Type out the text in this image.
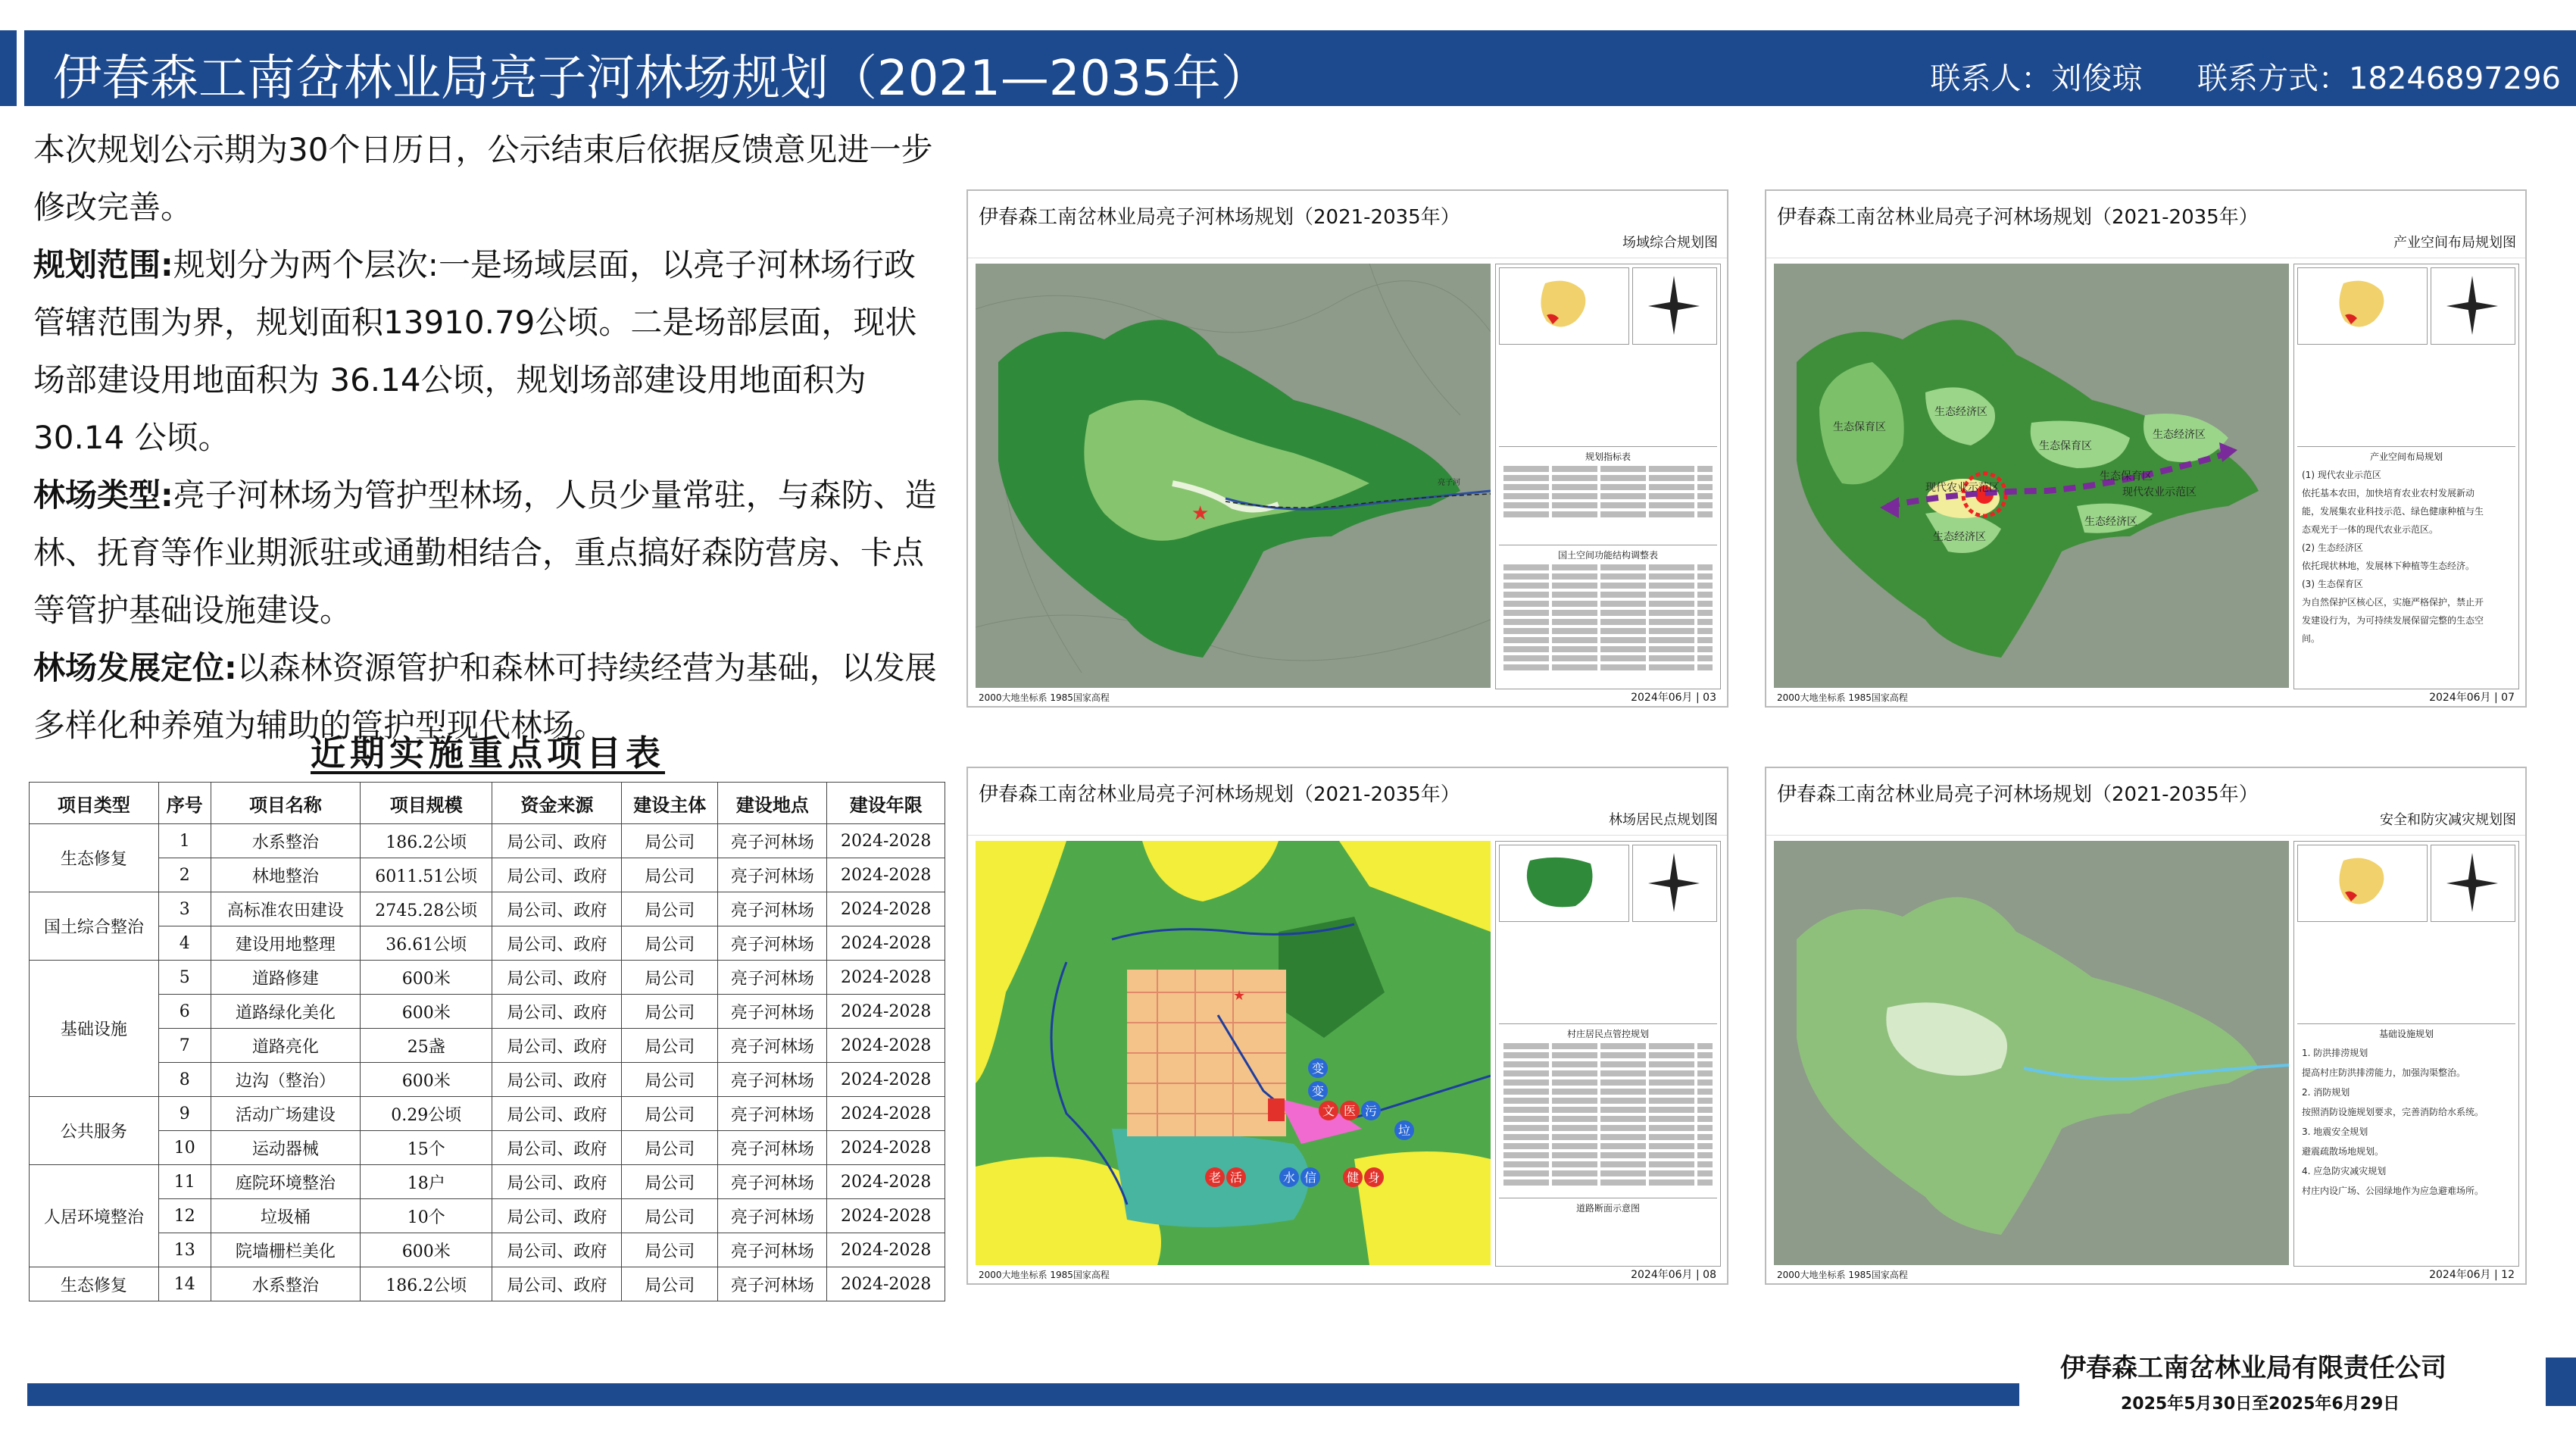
伊春森工南岔林业局亮子河林场规划（2021—2035年）	联系人：刘俊琼 联系方式：18246897296

本次规划公示期为30个日历日，公示结束后依据反馈意见进一步修改完善。

规划范围:规划分为两个层次:一是场域层面，以亮子河林场行政管辖范围为界，规划面积13910.79公顷。二是场部层面，现状场部建设用地面积为 36.14公顷，规划场部建设用地面积为30.14 公顷。

林场类型:亮子河林场为管护型林场，人员少量常驻，与森防、造林、抚育等作业期派驻或通勤相结合，重点搞好森防营房、卡点等管护基础设施建设。

林场发展定位:以森林资源管护和森林可持续经营为基础，以发展多样化种养殖为辅助的管护型现代林场。

近期实施重点项目表
项目类型	序号	项目名称	项目规模	资金来源	建设主体	建设地点	建设年限
生态修复	1	水系整治	186.2公顷	局公司、政府	局公司	亮子河林场	2024-2028
	2	林地整治	6011.51公顷	局公司、政府	局公司	亮子河林场	2024-2028
国土综合整治	3	高标准农田建设	2745.28公顷	局公司、政府	局公司	亮子河林场	2024-2028
	4	建设用地整理	36.61公顷	局公司、政府	局公司	亮子河林场	2024-2028
基础设施	5	道路修建	600米	局公司、政府	局公司	亮子河林场	2024-2028
	6	道路绿化美化	600米	局公司、政府	局公司	亮子河林场	2024-2028
	7	道路亮化	25盏	局公司、政府	局公司	亮子河林场	2024-2028
	8	边沟（整治）	600米	局公司、政府	局公司	亮子河林场	2024-2028
公共服务	9	活动广场建设	0.29公顷	局公司、政府	局公司	亮子河林场	2024-2028
	10	运动器械	15个	局公司、政府	局公司	亮子河林场	2024-2028
人居环境整治	11	庭院环境整治	18户	局公司、政府	局公司	亮子河林场	2024-2028
	12	垃圾桶	10个	局公司、政府	局公司	亮子河林场	2024-2028
	13	院墙栅栏美化	600米	局公司、政府	局公司	亮子河林场	2024-2028
生态修复	14	水系整治	186.2公顷	局公司、政府	局公司	亮子河林场	2024-2028
伊春森工南岔林业局亮子河林场规划（2021-2035年）
场域综合规划图
★
亮子河
规划指标表
国土空间功能结构调整表
2000大地坐标系 1985国家高程	2024年06月 | 03
伊春森工南岔林业局亮子河林场规划（2021-2035年）
产业空间布局规划图
生态保育区
生态经济区
生态保育区
生态经济区
生态经济区
生态经济区
生态保育区
现代农业示范区	现代农业示范区
产业空间布局规划
(1) 现代农业示范区
依托基本农田，加快培育农业农村发展新动
能，发展集农业科技示范、绿色健康种植与生
态观光于一体的现代农业示范区。
(2) 生态经济区
依托现状林地，发展林下种植等生态经济。
(3) 生态保育区
为自然保护区核心区，实施严格保护，禁止开
发建设行为，为可持续发展保留完整的生态空
间。
2000大地坐标系 1985国家高程	2024年06月 | 07
伊春森工南岔林业局亮子河林场规划（2021-2035年）
林场居民点规划图
★
变
变
文 医 污
垃
老 活	水 信 健 身
村庄居民点管控规划
道路断面示意图
2000大地坐标系 1985国家高程	2024年06月 | 08
伊春森工南岔林业局亮子河林场规划（2021-2035年）
安全和防灾减灾规划图
基础设施规划
1. 防洪排涝规划
提高村庄防洪排涝能力，加强沟渠整治。
2. 消防规划
按照消防设施规划要求，完善消防给水系统。
3. 地震安全规划
避震疏散场地规划。
4. 应急防灾减灾规划
村庄内设广场、公园绿地作为应急避难场所。
2000大地坐标系 1985国家高程	2024年06月 | 12
伊春森工南岔林业局有限责任公司
2025年5月30日至2025年6月29日
